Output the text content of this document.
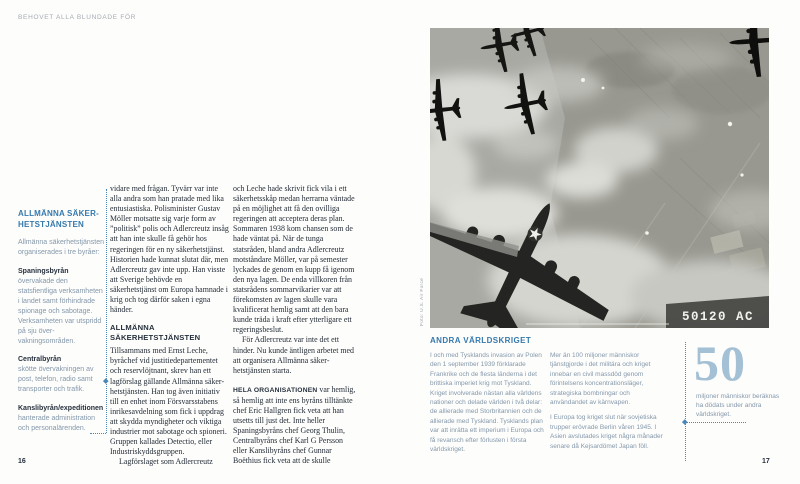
BEHOVET ALLA BLUNDADE FÖR
ALLMÄNNA SÄKERHETSTJÄNSTEN
Allmänna säkerhetstjänsten organiserades i tre byråer:
Spaningsbyrån
övervakade den statsfientliga verksamheten i landet samt förhindrade spionage och sabotage. Verksamheten var utspridd på sju övervakningsområden.
Centralbyrån
skötte övervakningen av post, telefon, radio samt transporter och trafik.
Kanslibyrån/expeditionen
hanterade administration och personalärenden.

vidare med frågan. Tyvärr var inte alla andra som han pratade med lika entusiastiska. Polisminister Gustav Möller motsatte sig varje form av ”politisk” polis och Adlercreutz insåg att han inte skulle få gehör hos regeringen för en ny säkerhetstjänst. Historien hade kunnat slutat där, men Adlercreutz gav inte upp. Han visste att Sverige behövde en säkerhetstjänst om Europa hamnade i krig och tog därför saken i egna händer.

ALLMÄNNA SÄKERHETSTJÄNSTEN

Tillsammans med Ernst Leche, byråchef vid justitiedepartementet och reservlöjtnant, skrev han ett lagförslag gällande Allmänna säkerhetstjänsten. Han tog även initiativ till en enhet inom Försvarsstabens inrikesavdelning som fick i uppdrag att skydda myndigheter och viktiga industrier mot sabotage och spioneri. Gruppen kallades Detectio, eller Industriskyddsgruppen.

Lagförslaget som Adlercreutz

och Leche hade skrivit fick vila i ett säkerhetsskåp medan herrarna väntade på en möjlighet att få den ovilliga regeringen att acceptera deras plan. Sommaren 1938 kom chansen som de hade väntat på. När de tunga statsråden, bland andra Adlercreutz motståndare Möller, var på semester lyckades de genom en kupp få igenom den nya lagen. De enda villkoren från statsrådens sommarvikarier var att förekomsten av lagen skulle vara kvalificerat hemlig samt att den bara kunde träda i kraft efter ytterligare ett regeringsbeslut.

För Adlercreutz var inte det ett hinder. Nu kunde äntligen arbetet med att organisera Allmänna säkerhetstjänsten starta.

HELA ORGANISATIONEN var hemlig, så hemlig att inte ens byråns tilltänkte chef Eric Hallgren fick veta att han utsetts till just det. Inte heller Spaningsbyråns chef Georg Thulin, Centralbyråns chef Karl G Persson eller Kanslibyråns chef Gunnar Boëthius fick veta att de skulle

50120 AC
Foto: U.S. Air Force
ANDRA VÄRLDSKRIGET

I och med Tysklands invasion av Polen den 1 september 1939 förklarade Frankrike och de flesta länderna i det brittiska imperiet krig mot Tyskland. Kriget involverade nästan alla världens nationer och delade världen i två delar: de allierade med Storbritannien och de allierade med Tyskland. Tysklands plan var att inrätta ett imperium i Europa och få revansch efter förlusten i första världskriget.

Mer än 100 miljoner människor tjänstgjorde i det militära och kriget innebar en civil massdöd genom förintelsens koncentrationsläger, strategiska bombningar och användandet av kärnvapen.

I Europa tog kriget slut när sovjetiska trupper erövrade Berlin våren 1945. I Asien avslutades kriget några månader senare då Kejsardömet Japan föll.

50
miljoner människor beräknas ha dödats under andra världskriget.
16	17
